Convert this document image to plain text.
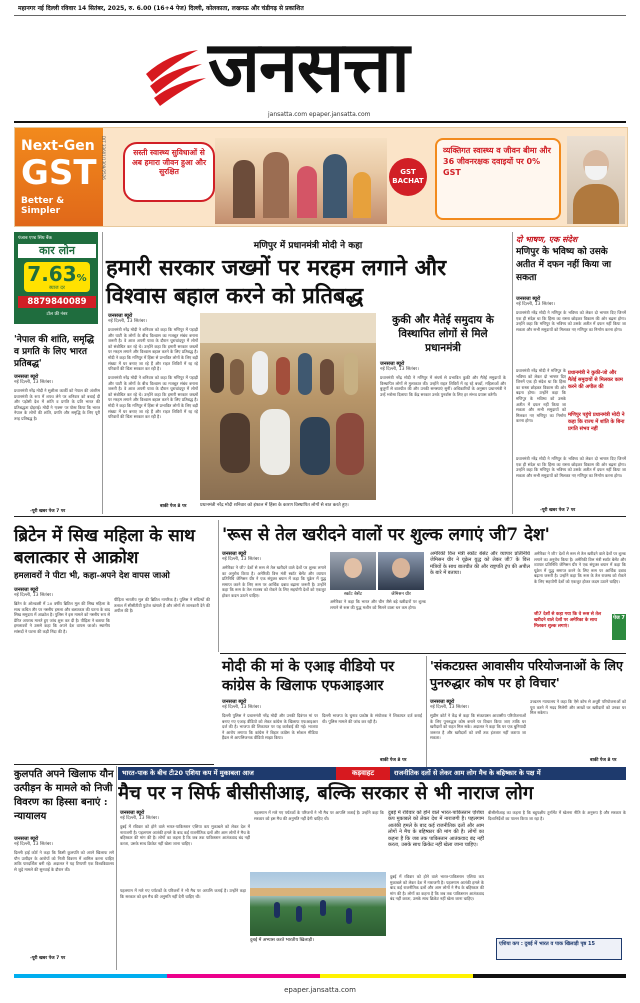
महानगर नई दिल्ली रविवार 14 सितंबर, 2025, रु. 6.00 (16+4 पेज) दिल्ली, कोलकाता, लखनऊ और चंडीगढ़ से प्रकाशित
जनसत्ता
jansatta.com epaper.jansatta.com
Next-Gen
GST
Better & Simpler
DIT 33601/1309/2526	सस्ती स्वास्थ्य सुविधाओं से अब हमारा जीवन हुआ और सुरक्षित	GST BACHAT
व्यक्तिगत स्वास्थ्य व जीवन बीमा और 36 जीवनरक्षक दवाइयों पर 0% GST
पंजाब एण्ड सिंध बैंक
कार लोन
7.63%
ब्याज दर
8879840089
टोल फ्री नंबर
'नेपाल की शांति, समृद्धि व प्रगति के लिए भारत प्रतिबद्ध'
जनसत्ता ब्यूरो
नई दिल्ली, 13 सितंबर।
प्रधानमंत्री नरेंद्र मोदी ने सुशीला कार्की को नेपाल की अंतरिम प्रधानमंत्री के रूप में शपथ लेने पर शनिवार को बधाई दी और पड़ोसी देश में शांति व प्रगति के प्रति भारत की प्रतिबद्धता दोहराई। मोदी ने 'एक्स' पर पोस्ट किया कि भारत नेपाल के लोगों की शांति, प्रगति और समृद्धि के लिए पूरी तरह प्रतिबद्ध है।
-पूरी खबर पेज 7 पर
मणिपुर में प्रधानमंत्री मोदी ने कहा
हमारी सरकार जख्मों पर मरहम लगाने और विश्वास बहाल करने को प्रतिबद्ध
जनसत्ता ब्यूरो
नई दिल्ली, 13 सितंबर।
प्रधानमंत्री नरेंद्र मोदी ने शनिवार को कहा कि मणिपुर में पहाड़ी और घाटी के लोगों के बीच विश्वास का मजबूत संबंध बनाना जरूरी है। वे आज अपनी यात्रा के दौरान चुराचांदपुर में लोगों को संबोधित कर रहे थे। उन्होंने कहा कि हमारी सरकार जख्मों पर मरहम लगाने और विश्वास बहाल करने के लिए प्रतिबद्ध है। मोदी ने कहा कि मणिपुर में हिंसा से प्रभावित लोगों के लिए बड़ी संख्या में घर बनाए जा रहे हैं और राहत शिविरों में रह रहे परिवारों की चिंता सरकार कर रही है।
प्रधानमंत्री नरेंद्र मोदी ने शनिवार को कहा कि मणिपुर में पहाड़ी और घाटी के लोगों के बीच विश्वास का मजबूत संबंध बनाना जरूरी है। वे आज अपनी यात्रा के दौरान चुराचांदपुर में लोगों को संबोधित कर रहे थे। उन्होंने कहा कि हमारी सरकार जख्मों पर मरहम लगाने और विश्वास बहाल करने के लिए प्रतिबद्ध है। मोदी ने कहा कि मणिपुर में हिंसा से प्रभावित लोगों के लिए बड़ी संख्या में घर बनाए जा रहे हैं और राहत शिविरों में रह रहे परिवारों की चिंता सरकार कर रही है।
बाकी पेज 8 पर	प्रधानमंत्री नरेंद्र मोदी शनिवार को इंफाल में हिंसा के कारण विस्थापित लोगों से बात करते हुए।
कुकी और मैतेई समुदाय के विस्थापित लोगों से मिले प्रधानमंत्री
जनसत्ता ब्यूरो
नई दिल्ली, 13 सितंबर।
प्रधानमंत्री नरेंद्र मोदी ने मणिपुर में संघर्ष से प्रभावित कुकी और मैतेई समुदायों के विस्थापित लोगों से मुलाकात की। उन्होंने राहत शिविरों में रह रहे बच्चों, महिलाओं और बुजुर्गों से बातचीत की और उनकी समस्याएं सुनीं। अधिकारियों के अनुसार प्रधानमंत्री ने उन्हें भरोसा दिलाया कि केंद्र सरकार उनके पुनर्वास के लिए हर संभव प्रयास करेगी।
दो भाषण, एक संदेश
मणिपुर के भविष्य को उसके अतीत में दफन नहीं किया जा सकता
जनसत्ता ब्यूरो
नई दिल्ली, 13 सितंबर।
प्रधानमंत्री नरेंद्र मोदी ने मणिपुर के भविष्य को लेकर दो भाषण दिए जिनमें एक ही संदेश था कि हिंसा का रास्ता छोड़कर विकास की ओर बढ़ना होगा। उन्होंने कहा कि मणिपुर के भविष्य को उसके अतीत में दफन नहीं किया जा सकता और सभी समुदायों को मिलकर नए मणिपुर का निर्माण करना होगा।
प्रधानमंत्री नरेंद्र मोदी ने मणिपुर के भविष्य को लेकर दो भाषण दिए जिनमें एक ही संदेश था कि हिंसा का रास्ता छोड़कर विकास की ओर बढ़ना होगा। उन्होंने कहा कि मणिपुर के भविष्य को उसके अतीत में दफन नहीं किया जा सकता और सभी समुदायों को मिलकर नए मणिपुर का निर्माण करना होगा।
प्रधानमंत्री ने कुकी-जो और मैतेई समुदायों से मिलकर काम करने की अपील की
मणिपुर पहुंचे प्रधानमंत्री मोदी ने कहा कि राज्य में शांति के बिना प्रगति संभव नहीं
प्रधानमंत्री नरेंद्र मोदी ने मणिपुर के भविष्य को लेकर दो भाषण दिए जिनमें एक ही संदेश था कि हिंसा का रास्ता छोड़कर विकास की ओर बढ़ना होगा। उन्होंने कहा कि मणिपुर के भविष्य को उसके अतीत में दफन नहीं किया जा सकता और सभी समुदायों को मिलकर नए मणिपुर का निर्माण करना होगा।
-पूरी खबर पेज 7 पर
ब्रिटेन में सिख महिला के साथ बलात्कार से आक्रोश
हमलावरों ने पीटा भी, कहा-अपने देश वापस जाओ
जनसत्ता ब्यूरो
नई दिल्ली, 13 सितंबर।
ब्रिटेन के ओल्डबरी में 20 वर्षीय ब्रिटिश मूल की सिख महिला के साथ कथित तौर पर नस्लीय हमला और बलात्कार की घटना के बाद सिख समुदाय में आक्रोश है। पुलिस ने इस मामले को नस्लीय रूप से प्रेरित अपराध मानते हुए जांच शुरू कर दी है। पीड़िता ने बताया कि हमलावरों ने उससे कहा कि अपने देश वापस जाओ। स्थानीय सांसदों ने घटना की कड़ी निंदा की है।
पीड़िता भारतीय मूल की ब्रिटिश नागरिक है। पुलिस ने संदिग्धों की तलाश में सीसीटीवी फुटेज खंगाले हैं और लोगों से जानकारी देने की अपील की है।
'रूस से तेल खरीदने वालों पर शुल्क लगाएं जी7 देश'
जनसत्ता ब्यूरो
नई दिल्ली, 13 सितंबर।
अमेरिका ने जी7 देशों से रूस से तेल खरीदने वाले देशों पर शुल्क लगाने का अनुरोध किया है। अमेरिकी वित्त मंत्री स्कॉट बेसेंट और व्यापार प्रतिनिधि जेमिसन ग्रीर ने एक संयुक्त बयान में कहा कि यूक्रेन में युद्ध समाप्त करने के लिए रूस पर आर्थिक दबाव बढ़ाना जरूरी है। उन्होंने कहा कि रूस के तेल राजस्व को रोकने के लिए सहयोगी देशों को एकजुट होकर कदम उठाने चाहिए।	स्कॉट बेसेंट	जेमिसन ग्रीर
अमेरिका ने कहा कि भारत और चीन जैसे बड़े खरीदारों पर शुल्क लगाने से रूस की युद्ध मशीन को मिलने वाला धन कम होगा।
अमेरिकी वित्त मंत्री स्कॉट बेसेंट और व्यापार प्रतिनिधि जेमिसन ग्रीर ने यूक्रेन युद्ध को लेकर जी7 के वित्त मंत्रियों के साथ बातचीत की और राष्ट्रपति ट्रंप की अपील के बारे में बताया।
अमेरिका ने जी7 देशों से रूस से तेल खरीदने वाले देशों पर शुल्क लगाने का अनुरोध किया है। अमेरिकी वित्त मंत्री स्कॉट बेसेंट और व्यापार प्रतिनिधि जेमिसन ग्रीर ने एक संयुक्त बयान में कहा कि यूक्रेन में युद्ध समाप्त करने के लिए रूस पर आर्थिक दबाव बढ़ाना जरूरी है। उन्होंने कहा कि रूस के तेल राजस्व को रोकने के लिए सहयोगी देशों को एकजुट होकर कदम उठाने चाहिए।
जी7 देशों से कहा गया कि वे रूस से तेल खरीदने वाले देशों पर अमेरिका के साथ मिलकर शुल्क लगाएं।
पेज 7
मोदी की मां के एआइ वीडियो पर कांग्रेस के खिलाफ एफआइआर
जनसत्ता ब्यूरो
नई दिल्ली, 13 सितंबर।
दिल्ली पुलिस ने प्रधानमंत्री नरेंद्र मोदी और उनकी दिवंगत मां पर बनाए गए एआइ वीडियो को लेकर कांग्रेस के खिलाफ एफआइआर दर्ज की है। भाजपा की शिकायत पर यह कार्रवाई की गई। भाजपा ने आरोप लगाया कि कांग्रेस ने बिहार कांग्रेस के सोशल मीडिया हैंडल से आपत्तिजनक वीडियो साझा किया।
दिल्ली भाजपा के चुनाव प्रकोष्ठ के संयोजक ने शिकायत दर्ज कराई थी। पुलिस मामले की जांच कर रही है।
बाकी पेज 8 पर
'संकटग्रस्त आवासीय परियोजनाओं के लिए पुनरुद्धार कोष पर हो विचार'
जनसत्ता ब्यूरो
नई दिल्ली, 13 सितंबर।
सुप्रीम कोर्ट ने केंद्र से कहा कि संकटग्रस्त आवासीय परियोजनाओं के लिए पुनरुद्धार कोष बनाने पर विचार किया जाए ताकि घर खरीदारों को राहत मिल सके। अदालत ने कहा कि घर एक बुनियादी जरूरत है और खरीदारों को वर्षों तक इंतजार नहीं कराया जा सकता।
उच्चतम न्यायालय ने कहा कि ऐसे कोष से अधूरी परियोजनाओं को पूरा करने में मदद मिलेगी और लाखों घर खरीदारों को उनका घर मिल सकेगा।
बाकी पेज 8 पर
कुलपति अपने खिलाफ यौन उत्पीड़न के मामले को निजी विवरण का हिस्सा बनाएं : न्यायालय
जनसत्ता ब्यूरो
नई दिल्ली, 13 सितंबर।
दिल्ली हाई कोर्ट ने कहा कि किसी कुलपति को अपने खिलाफ लगे यौन उत्पीड़न के आरोपों को निजी विवरण में शामिल करना चाहिए ताकि पारदर्शिता बनी रहे। अदालत ने यह टिप्पणी एक विश्वविद्यालय से जुड़े मामले की सुनवाई के दौरान की।
-पूरी खबर पेज 7 पर
भारत-पाक के बीच टी20 एशिया कप में मुकाबला आज	कड़वाहट	राजनीतिक दलों से लेकर आम लोग मैच के बहिष्कार के पक्ष में
मैच पर न सिर्फ बीसीसीआइ, बल्कि सरकार से भी नाराज लोग
जनसत्ता ब्यूरो
नई दिल्ली, 13 सितंबर।
दुबई में रविवार को होने वाले भारत-पाकिस्तान एशिया कप मुकाबले को लेकर देश में नाराजगी है। पहलगाम आतंकी हमले के बाद कई राजनीतिक दलों और आम लोगों ने मैच के बहिष्कार की मांग की है। लोगों का कहना है कि जब तक पाकिस्तान आतंकवाद बंद नहीं करता, उसके साथ क्रिकेट नहीं खेला जाना चाहिए।
पहलगाम में मारे गए पर्यटकों के परिजनों ने भी मैच पर आपत्ति जताई है। उन्होंने कहा कि सरकार को इस मैच की अनुमति नहीं देनी चाहिए थी।
दुबई में रविवार को होने वाले भारत-पाकिस्तान एशिया कप मुकाबले को लेकर देश में नाराजगी है। पहलगाम आतंकी हमले के बाद कई राजनीतिक दलों और आम लोगों ने मैच के बहिष्कार की मांग की है। लोगों का कहना है कि जब तक पाकिस्तान आतंकवाद बंद नहीं करता, उसके साथ क्रिकेट नहीं खेला जाना चाहिए।
बीसीसीआइ का कहना है कि बहुपक्षीय टूर्नामेंट में खेलना नीति के अनुरूप है और सरकार के दिशानिर्देशों का पालन किया जा रहा है।
पहलगाम में मारे गए पर्यटकों के परिजनों ने भी मैच पर आपत्ति जताई है। उन्होंने कहा कि सरकार को इस मैच की अनुमति नहीं देनी चाहिए थी।
दुबई में अभ्यास करते भारतीय खिलाड़ी।
दुबई में रविवार को होने वाले भारत-पाकिस्तान एशिया कप मुकाबले को लेकर देश में नाराजगी है। पहलगाम आतंकी हमले के बाद कई राजनीतिक दलों और आम लोगों ने मैच के बहिष्कार की मांग की है। लोगों का कहना है कि जब तक पाकिस्तान आतंकवाद बंद नहीं करता, उसके साथ क्रिकेट नहीं खेला जाना चाहिए।
एशिया कप : दुबई में भारत व पाक खिलाड़ी पृष्ठ 15
epaper.jansatta.com
